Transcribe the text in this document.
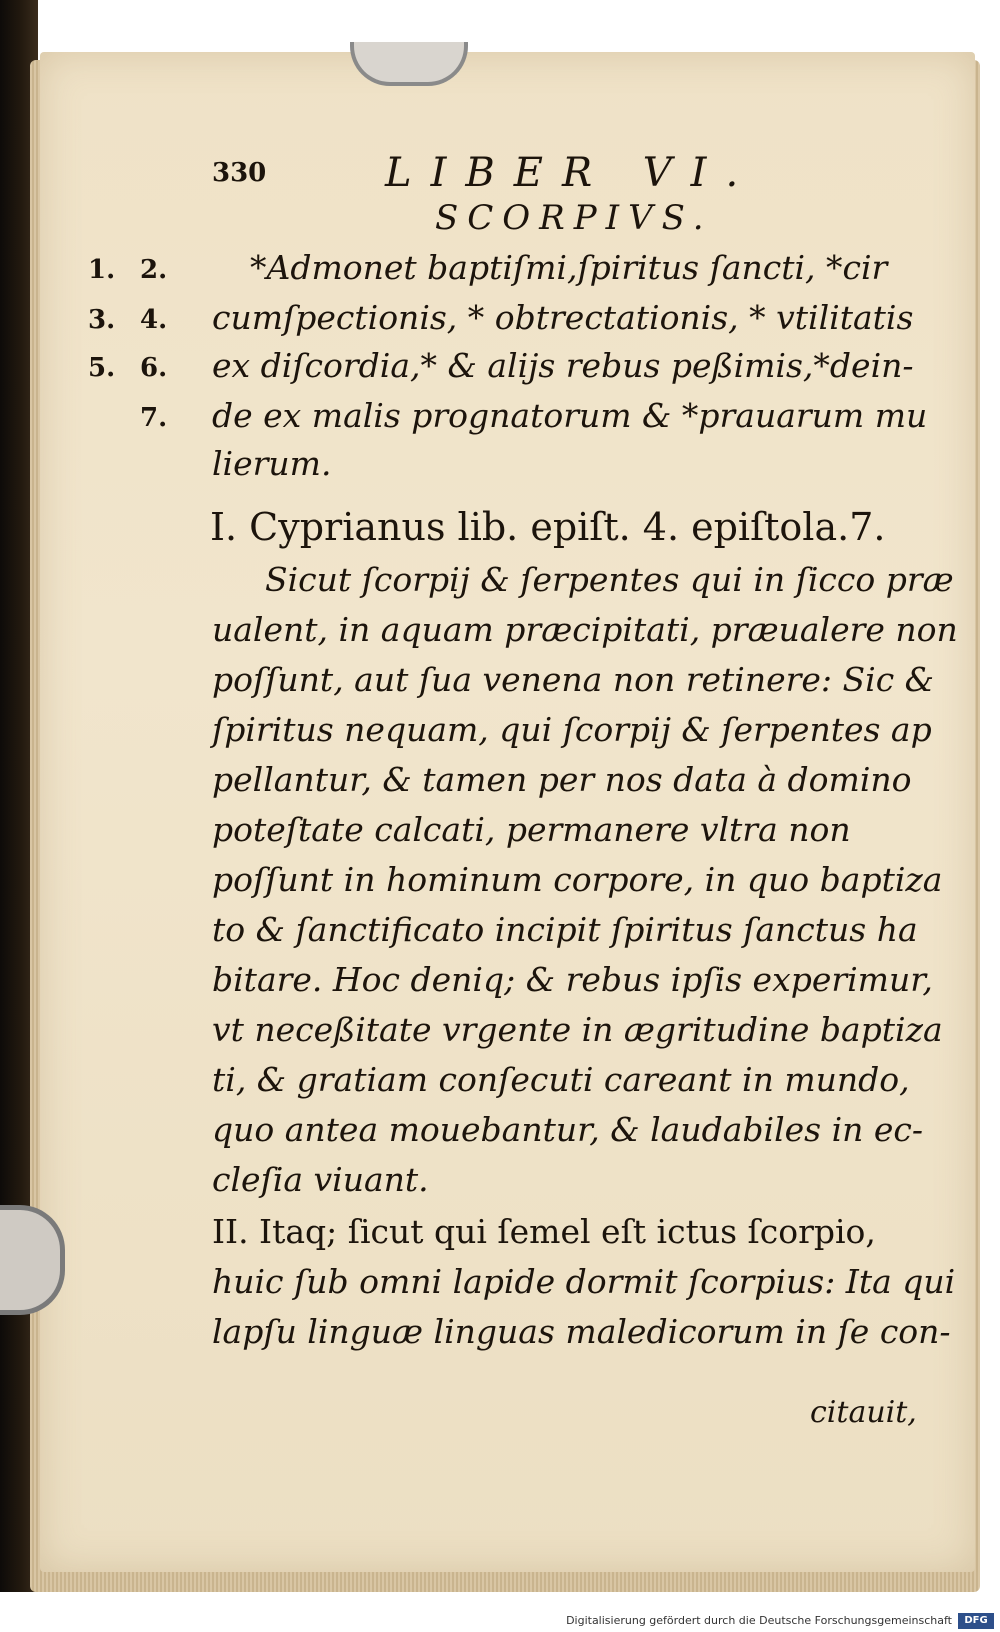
330	LIBER VI.
SCORPIVS.
1. 2.
3. 4.
5. 6.
7.
*Admonet baptiſmi,ſpiritus ſancti, *cir
cumſpectionis, * obtrectationis, * vtilitatis
ex diſcordia,* & alijs rebus peßimis,*dein-
de ex malis prognatorum & *prauarum mu
lierum.
I. Cyprianus lib. epiſt. 4. epiſtola.7.
Sicut ſcorpij & ſerpentes qui in ſicco præ
ualent, in aquam præcipitati, præualere non
poſſunt, aut ſua venena non retinere: Sic &
ſpiritus nequam, qui ſcorpij & ſerpentes ap
pellantur, & tamen per nos data à domino
poteſtate calcati, permanere vltra non
poſſunt in hominum corpore, in quo baptiza
to & ſanctificato incipit ſpiritus ſanctus ha
bitare. Hoc deniq; & rebus ipſis experimur,
vt neceßitate vrgente in ægritudine baptiza
ti, & gratiam conſecuti careant in mundo,
quo antea mouebantur, & laudabiles in ec-
cleſia viuant.
II. Itaq; ſicut qui ſemel eſt ictus ſcorpio,
huic ſub omni lapide dormit ſcorpius: Ita qui
lapſu linguæ linguas maledicorum in ſe con-
citauit,
Digitalisierung gefördert durch die Deutsche Forschungsgemeinschaft	DFG
